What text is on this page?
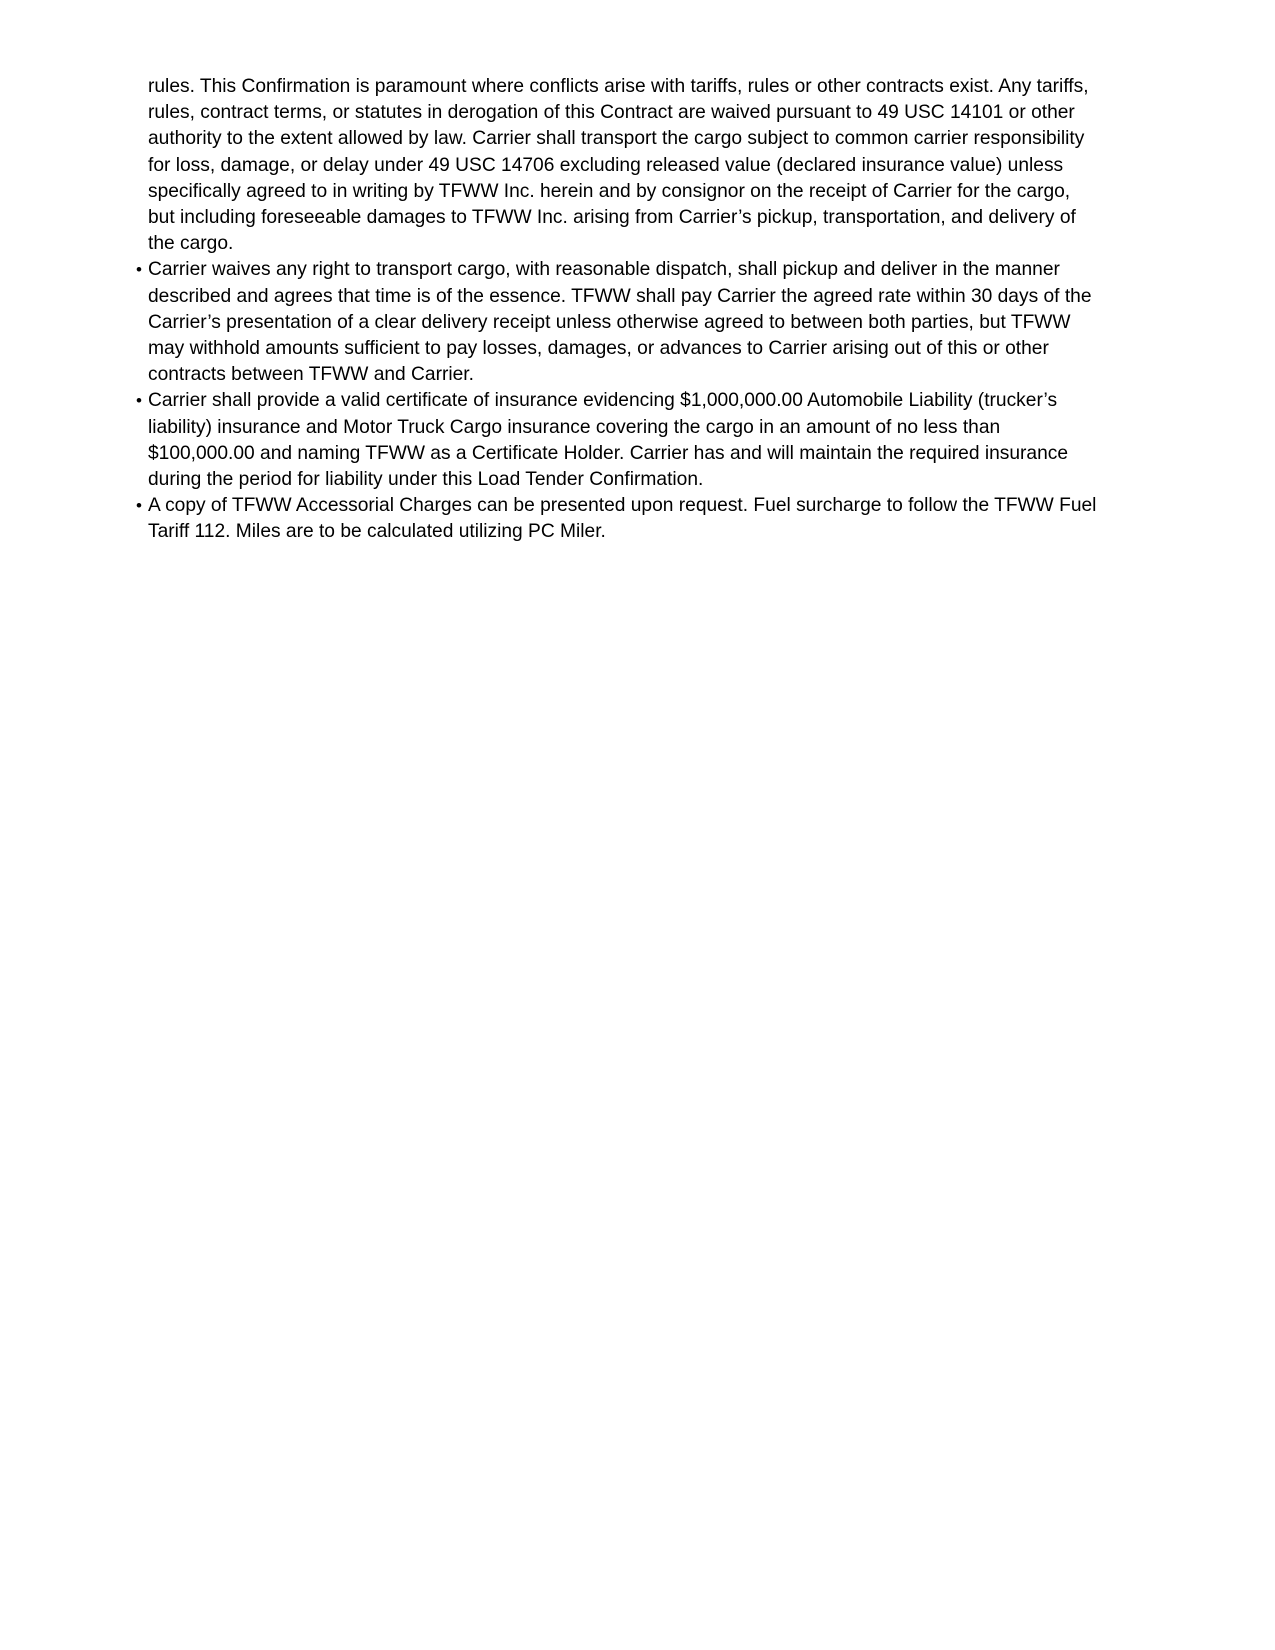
rules. This Confirmation is paramount where conflicts arise with tariffs, rules or other contracts exist. Any tariffs,
rules, contract terms, or statutes in derogation of this Contract are waived pursuant to 49 USC 14101 or other
authority to the extent allowed by law. Carrier shall transport the cargo subject to common carrier responsibility
for loss, damage, or delay under 49 USC 14706 excluding released value (declared insurance value) unless
specifically agreed to in writing by TFWW Inc. herein and by consignor on the receipt of Carrier for the cargo,
but including foreseeable damages to TFWW Inc. arising from Carrier’s pickup, transportation, and delivery of
the cargo.

• Carrier waives any right to transport cargo, with reasonable dispatch, shall pickup and deliver in the manner
described and agrees that time is of the essence. TFWW shall pay Carrier the agreed rate within 30 days of the
Carrier’s presentation of a clear delivery receipt unless otherwise agreed to between both parties, but TFWW
may withhold amounts sufficient to pay losses, damages, or advances to Carrier arising out of this or other
contracts between TFWW and Carrier.

• Carrier shall provide a valid certificate of insurance evidencing $1,000,000.00 Automobile Liability (trucker’s
liability) insurance and Motor Truck Cargo insurance covering the cargo in an amount of no less than
$100,000.00 and naming TFWW as a Certificate Holder. Carrier has and will maintain the required insurance
during the period for liability under this Load Tender Confirmation.

• A copy of TFWW Accessorial Charges can be presented upon request. Fuel surcharge to follow the TFWW Fuel
Tariff 112. Miles are to be calculated utilizing PC Miler.
